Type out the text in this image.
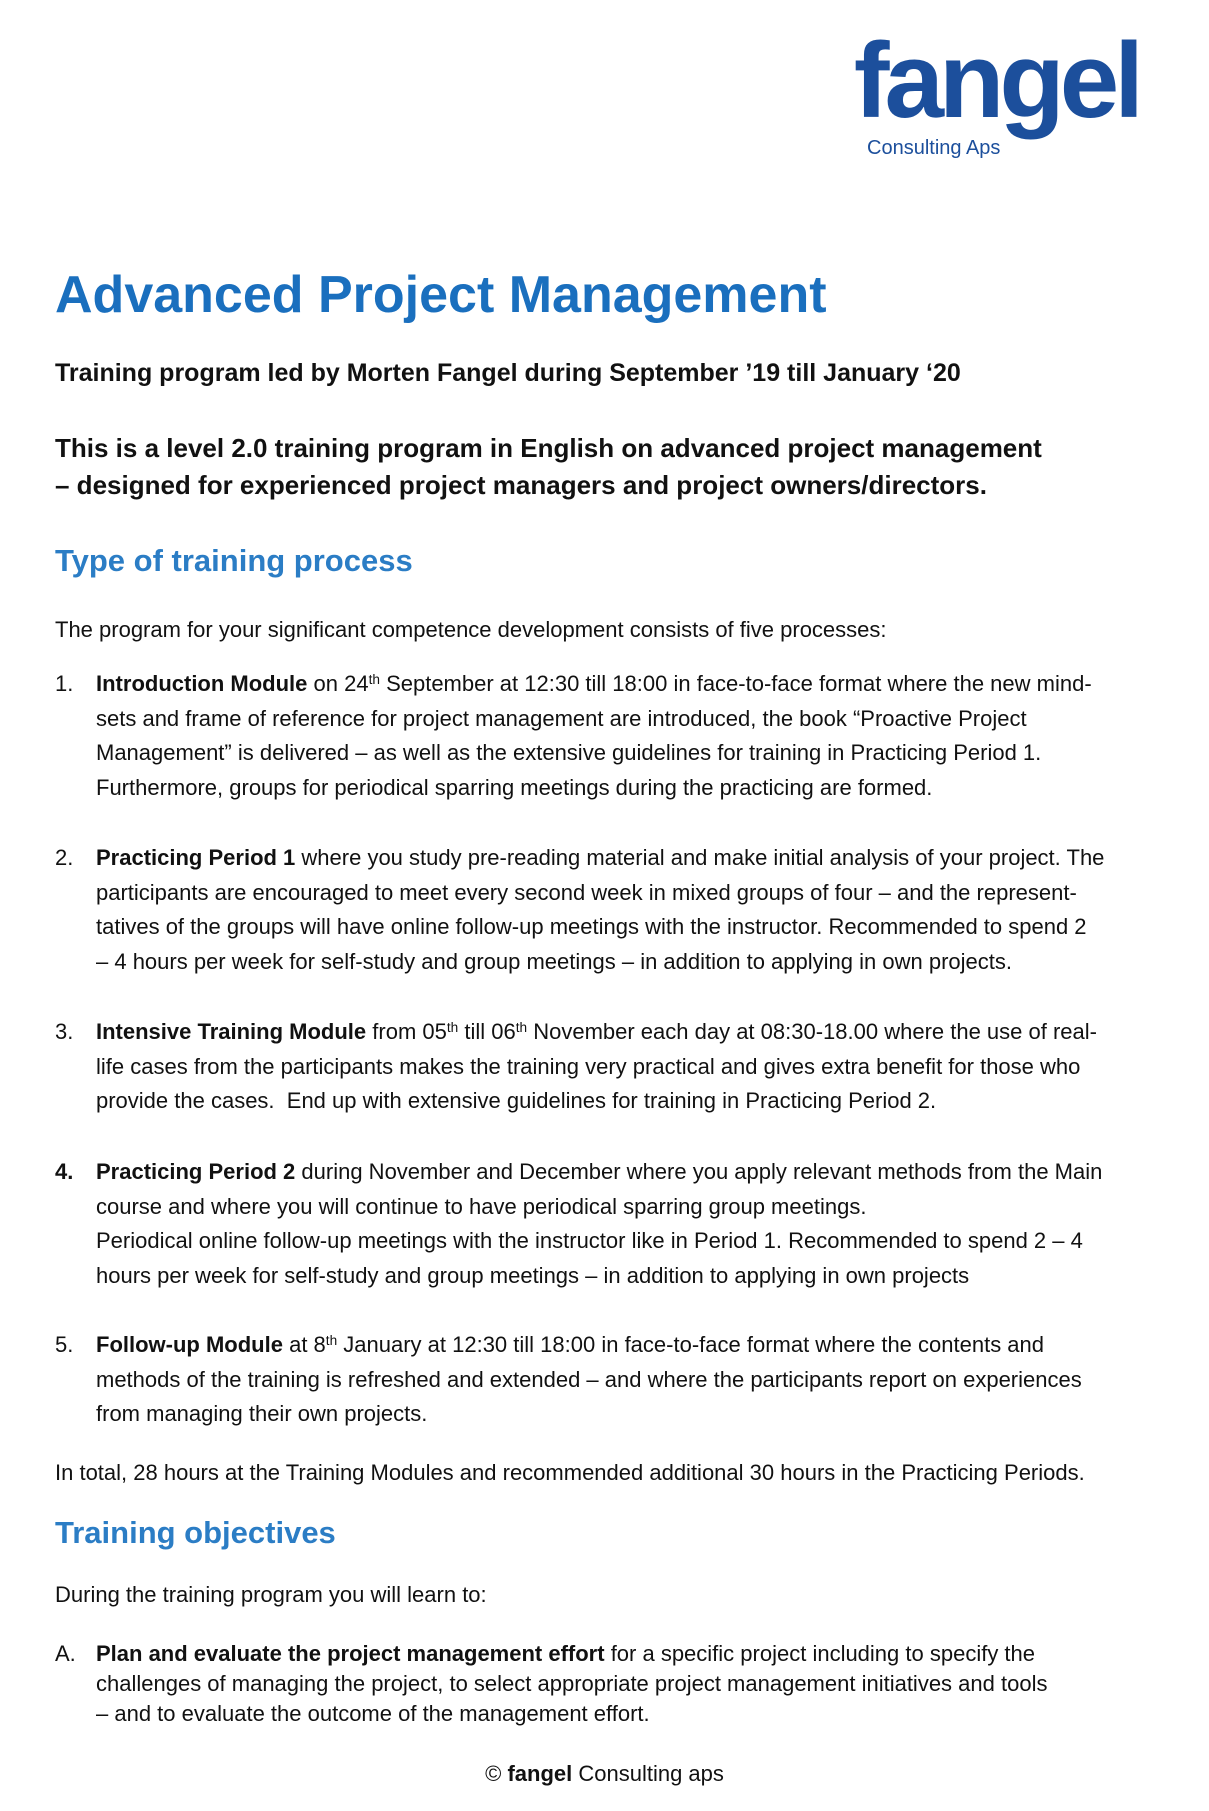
fangel
Consulting Aps
Advanced Project Management
Training program led by Morten Fangel during September ’19 till January ‘20
This is a level 2.0 training program in English on advanced project management
– designed for experienced project managers and project owners/directors.
Type of training process
The program for your significant competence development consists of five processes:
1. Introduction Module on 24th September at 12:30 till 18:00 in face-to-face format where the new mind-
sets and frame of reference for project management are introduced, the book “Proactive Project
Management” is delivered – as well as the extensive guidelines for training in Practicing Period 1.
Furthermore, groups for periodical sparring meetings during the practicing are formed.
2. Practicing Period 1 where you study pre-reading material and make initial analysis of your project. The
participants are encouraged to meet every second week in mixed groups of four – and the represent-
tatives of the groups will have online follow-up meetings with the instructor. Recommended to spend 2
– 4 hours per week for self-study and group meetings – in addition to applying in own projects.
3. Intensive Training Module from 05th till 06th November each day at 08:30-18.00 where the use of real-
life cases from the participants makes the training very practical and gives extra benefit for those who
provide the cases.  End up with extensive guidelines for training in Practicing Period 2.
4. Practicing Period 2 during November and December where you apply relevant methods from the Main
course and where you will continue to have periodical sparring group meetings.
Periodical online follow-up meetings with the instructor like in Period 1. Recommended to spend 2 – 4
hours per week for self-study and group meetings – in addition to applying in own projects
5. Follow-up Module at 8th January at 12:30 till 18:00 in face-to-face format where the contents and
methods of the training is refreshed and extended – and where the participants report on experiences
from managing their own projects.
In total, 28 hours at the Training Modules and recommended additional 30 hours in the Practicing Periods.
Training objectives
During the training program you will learn to:
A. Plan and evaluate the project management effort for a specific project including to specify the
challenges of managing the project, to select appropriate project management initiatives and tools
– and to evaluate the outcome of the management effort.
© fangel Consulting aps
